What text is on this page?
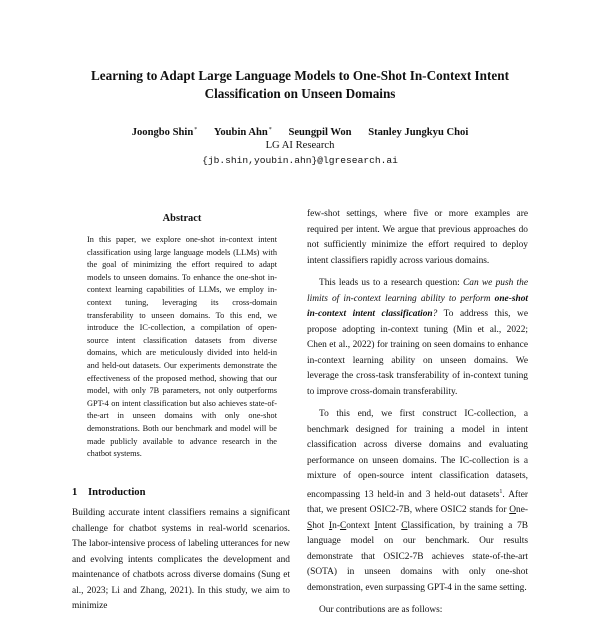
Learning to Adapt Large Language Models to One-Shot In-Context Intent
Classification on Unseen Domains
Joongbo Shin* Youbin Ahn* Seungpil Won Stanley Jungkyu Choi
LG AI Research
{jb.shin,youbin.ahn}@lgresearch.ai
Abstract
In this paper, we explore one-shot in-context intent classification using large language models (LLMs) with the goal of minimizing the effort required to adapt models to unseen domains. To enhance the one-shot in-context learning capabilities of LLMs, we employ in-context tuning, leveraging its cross-domain transferability to unseen domains. To this end, we introduce the IC-collection, a compilation of open-source intent classification datasets from diverse domains, which are meticulously divided into held-in and held-out datasets. Our experiments demonstrate the effectiveness of the proposed method, showing that our model, with only 7B parameters, not only outperforms GPT-4 on intent classification but also achieves state-of-the-art in unseen domains with only one-shot demonstrations. Both our benchmark and model will be made publicly available to advance research in the chatbot systems.
1 Introduction
Building accurate intent classifiers remains a significant challenge for chatbot systems in real-world scenarios. The labor-intensive process of labeling utterances for new and evolving intents complicates the development and maintenance of chatbots across diverse domains (Sung et al., 2023; Li and Zhang, 2021). In this study, we aim to minimize

few-shot settings, where five or more examples are required per intent. We argue that previous approaches do not sufficiently minimize the effort required to deploy intent classifiers rapidly across various domains.

This leads us to a research question: Can we push the limits of in-context learning ability to perform one-shot in-context intent classification? To address this, we propose adopting in-context tuning (Min et al., 2022; Chen et al., 2022) for training on seen domains to enhance in-context learning ability on unseen domains. We leverage the cross-task transferability of in-context tuning to improve cross-domain transferability.

To this end, we first construct IC-collection, a benchmark designed for training a model in intent classification across diverse domains and evaluating performance on unseen domains. The IC-collection is a mixture of open-source intent classification datasets, encompassing 13 held-in and 3 held-out datasets$^1$. After that, we present OSIC2-7B, where OSIC2 stands for One-Shot In-Context Intent Classification, by training a 7B language model on our benchmark. Our results demonstrate that OSIC2-7B achieves state-of-the-art (SOTA) in unseen domains with only one-shot demonstration, even surpassing GPT-4 in the same setting.

Our contributions are as follows:
